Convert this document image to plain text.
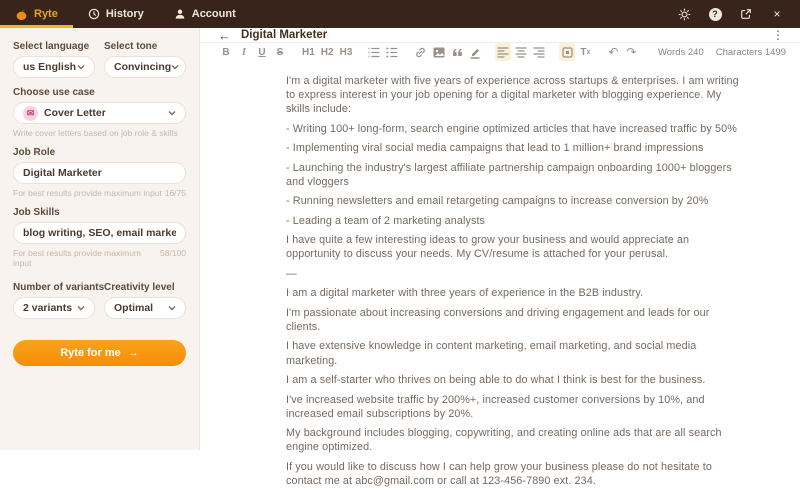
Ryte	History	Account	?	×
Select language
us English
Select tone
Convincing
Choose use case
✉ Cover Letter
Write cover letters based on job role & skills
Job Role
Digital Marketer
For best results provide maximum input 16/75
Job Skills
blog writing, SEO, email marketing, social n
For best results provide maximum input
58/100
Number of variants
2 variants
Creativity level
Optimal
Ryte for me →
← Digital Marketer	⋮
B	I	U	S	H1 H2 H3	T x ↶ ↷	Words 240 Characters 1499

I'm a digital marketer with five years of experience across startups & enterprises. I am writing to express interest in your job opening for a digital marketer with blogging experience. My skills include:

- Writing 100+ long-form, search engine optimized articles that have increased traffic by 50%

- Implementing viral social media campaigns that lead to 1 million+ brand impressions

- Launching the industry's largest affiliate partnership campaign onboarding 1000+ bloggers and vloggers

- Running newsletters and email retargeting campaigns to increase conversion by 20%

- Leading a team of 2 marketing analysts

I have quite a few interesting ideas to grow your business and would appreciate an opportunity to discuss your needs. My CV/resume is attached for your perusal.

—

I am a digital marketer with three years of experience in the B2B industry.

I'm passionate about increasing conversions and driving engagement and leads for our clients.

I have extensive knowledge in content marketing, email marketing, and social media marketing.

I am a self-starter who thrives on being able to do what I think is best for the business.

I've increased website traffic by 200%+, increased customer conversions by 10%, and increased email subscriptions by 20%.

My background includes blogging, copywriting, and creating online ads that are all search engine optimized.

If you would like to discuss how I can help grow your business please do not hesitate to contact me at abc@gmail.com or call at 123-456-7890 ext. 234.
